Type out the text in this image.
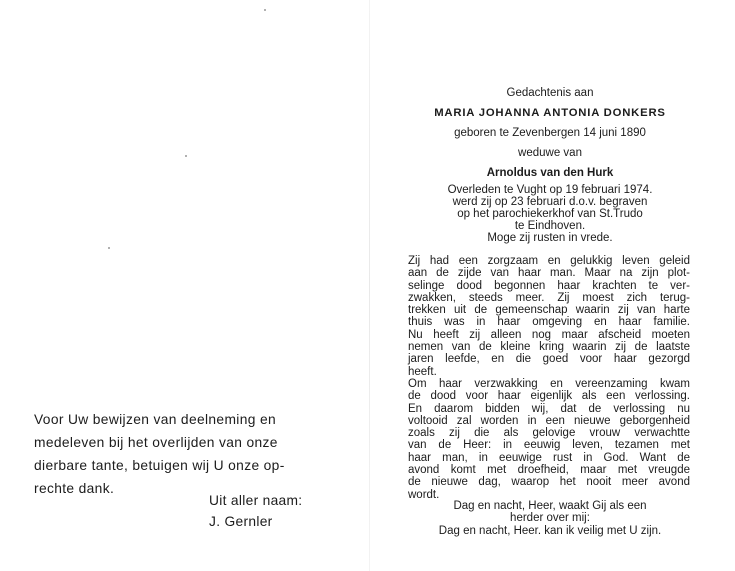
Voor Uw bewijzen van deelneming en
medeleven bij het overlijden van onze
dierbare tante, betuigen wij U onze op-
rechte dank.
Uit aller naam:
J. Gernler
Gedachtenis aan
MARIA JOHANNA ANTONIA DONKERS
geboren te Zevenbergen 14 juni 1890
weduwe van
Arnoldus van den Hurk
Overleden te Vught op 19 februari 1974.
werd zij op 23 februari d.o.v. begraven
op het parochiekerkhof van St.Trudo
te Eindhoven.
Moge zij rusten in vrede.
Zij had een zorgzaam en gelukkig leven geleid
aan de zijde van haar man. Maar na zijn plot-
selinge dood begonnen haar krachten te ver-
zwakken, steeds meer. Zij moest zich terug-
trekken uit de gemeenschap waarin zij van harte
thuis was in haar omgeving en haar familie.
Nu heeft zij alleen nog maar afscheid moeten
nemen van de kleine kring waarin zij de laatste
jaren leefde, en die goed voor haar gezorgd
heeft.
Om haar verzwakking en vereenzaming kwam
de dood voor haar eigenlijk als een verlossing.
En daarom bidden wij, dat de verlossing nu
voltooid zal worden in een nieuwe geborgenheid
zoals zij die als gelovige vrouw verwachtte
van de Heer: in eeuwig leven, tezamen met
haar man, in eeuwige rust in God. Want de
avond komt met droefheid, maar met vreugde
de nieuwe dag, waarop het nooit meer avond
wordt.
Dag en nacht, Heer, waakt Gij als een
herder over mij:
Dag en nacht, Heer. kan ik veilig met U zijn.
